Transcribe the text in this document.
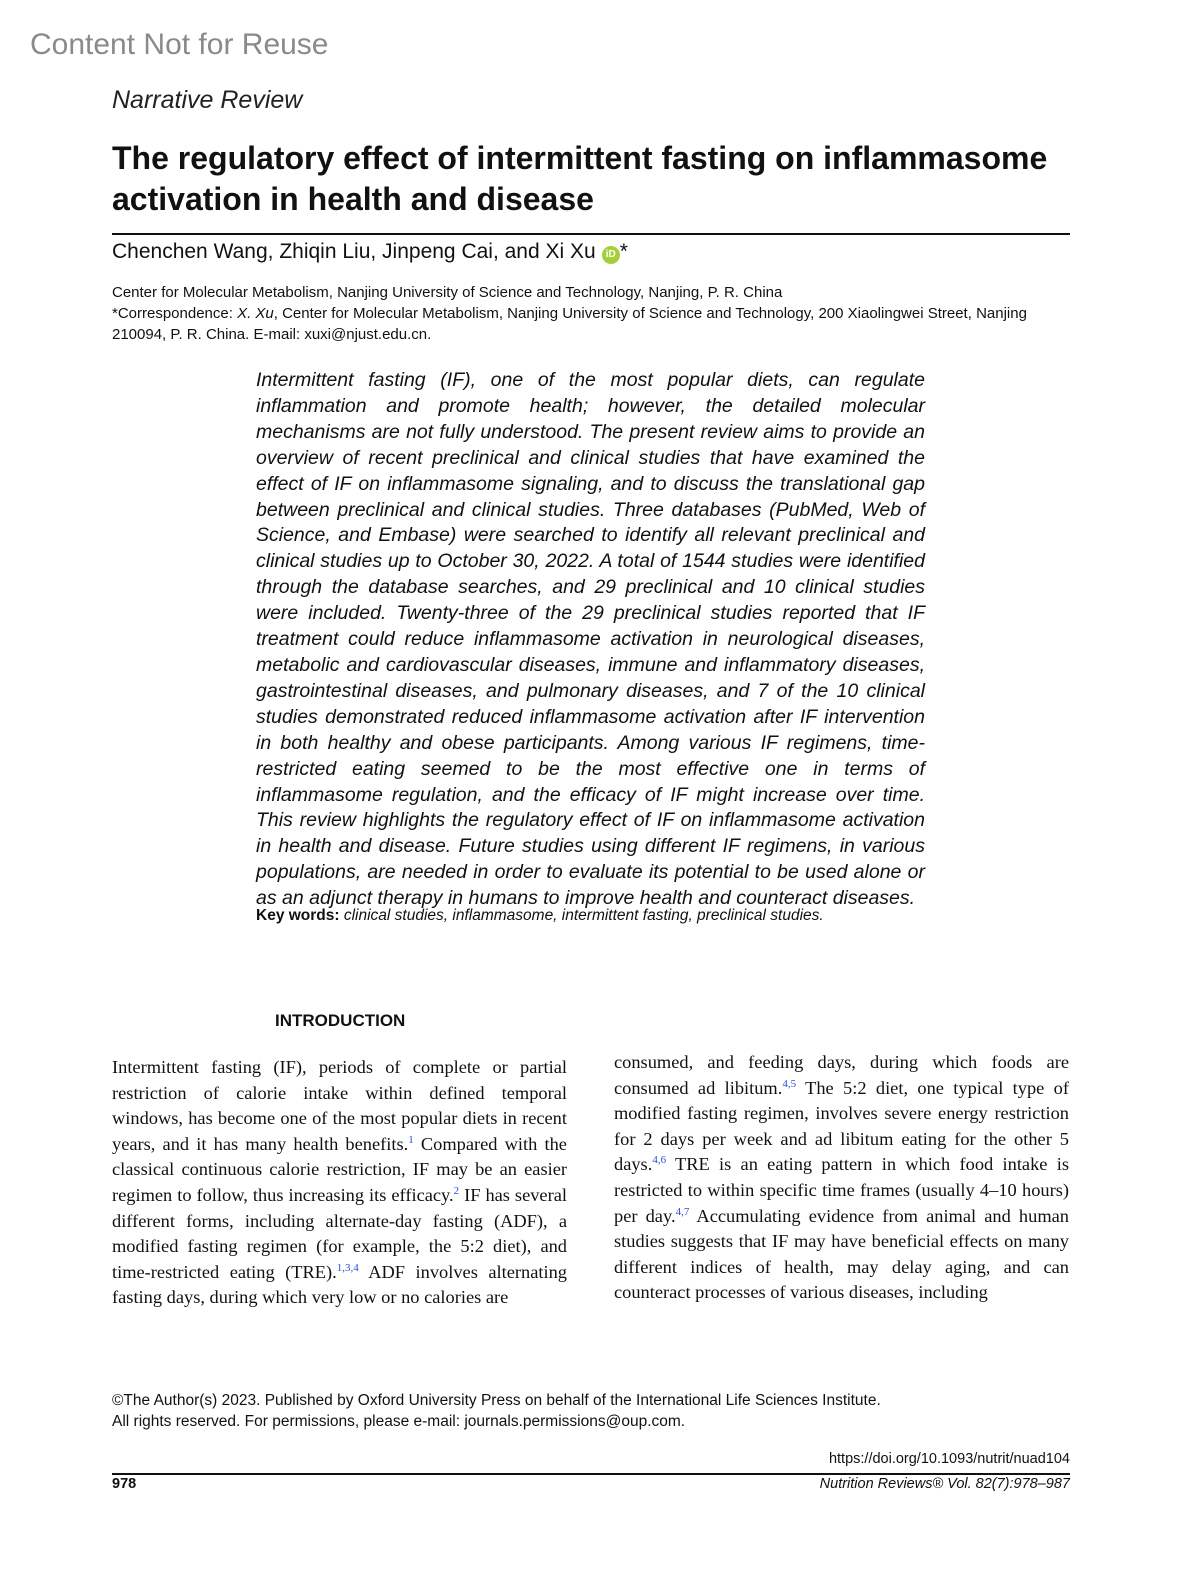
Content Not for Reuse
Narrative Review
The regulatory effect of intermittent fasting on inflammasome activation in health and disease
Chenchen Wang, Zhiqin Liu, Jinpeng Cai, and Xi Xu iD *
Center for Molecular Metabolism, Nanjing University of Science and Technology, Nanjing, P. R. China
*Correspondence: X. Xu, Center for Molecular Metabolism, Nanjing University of Science and Technology, 200 Xiaolingwei Street, Nanjing 210094, P. R. China. E-mail: xuxi@njust.edu.cn.

Intermittent fasting (IF), one of the most popular diets, can regulate inflammation and promote health; however, the detailed molecular mechanisms are not fully understood. The present review aims to provide an overview of recent preclinical and clinical studies that have examined the effect of IF on inflammasome signaling, and to discuss the translational gap between preclinical and clinical studies. Three databases (PubMed, Web of Science, and Embase) were searched to identify all relevant preclinical and clinical studies up to October 30, 2022. A total of 1544 studies were identified through the database searches, and 29 preclinical and 10 clinical studies were included. Twenty-three of the 29 preclinical studies reported that IF treatment could reduce inflammasome activation in neurological diseases, metabolic and cardiovascular diseases, immune and inflammatory diseases, gastrointestinal diseases, and pulmonary diseases, and 7 of the 10 clinical studies demonstrated reduced inflammasome activation after IF intervention in both healthy and obese participants. Among various IF regimens, time-restricted eating seemed to be the most effective one in terms of inflammasome regulation, and the efficacy of IF might increase over time. This review highlights the regulatory effect of IF on inflammasome activation in health and disease. Future studies using different IF regimens, in various populations, are needed in order to evaluate its potential to be used alone or as an adjunct therapy in humans to improve health and counteract diseases.

Key words: clinical studies, inflammasome, intermittent fasting, preclinical studies.
INTRODUCTION

Intermittent fasting (IF), periods of complete or partial restriction of calorie intake within defined temporal windows, has become one of the most popular diets in recent years, and it has many health benefits.$^1$ Compared with the classical continuous calorie restriction, IF may be an easier regimen to follow, thus increasing its efficacy.$^2$ IF has several different forms, including alternate-day fasting (ADF), a modified fasting regimen (for example, the 5:2 diet), and time-restricted eating (TRE).$^{1,3,4}$ ADF involves alternating fasting days, during which very low or no calories are

consumed, and feeding days, during which foods are consumed ad libitum.$^{4,5}$ The 5:2 diet, one typical type of modified fasting regimen, involves severe energy restriction for 2 days per week and ad libitum eating for the other 5 days.$^{4,6}$ TRE is an eating pattern in which food intake is restricted to within specific time frames (usually 4–10 hours) per day.$^{4,7}$ Accumulating evidence from animal and human studies suggests that IF may have beneficial effects on many different indices of health, may delay aging, and can counteract processes of various diseases, including

©The Author(s) 2023. Published by Oxford University Press on behalf of the International Life Sciences Institute.
All rights reserved. For permissions, please e-mail: journals.permissions@oup.com.
https://doi.org/10.1093/nutrit/nuad104
978	Nutrition Reviews® Vol. 82(7):978–987
